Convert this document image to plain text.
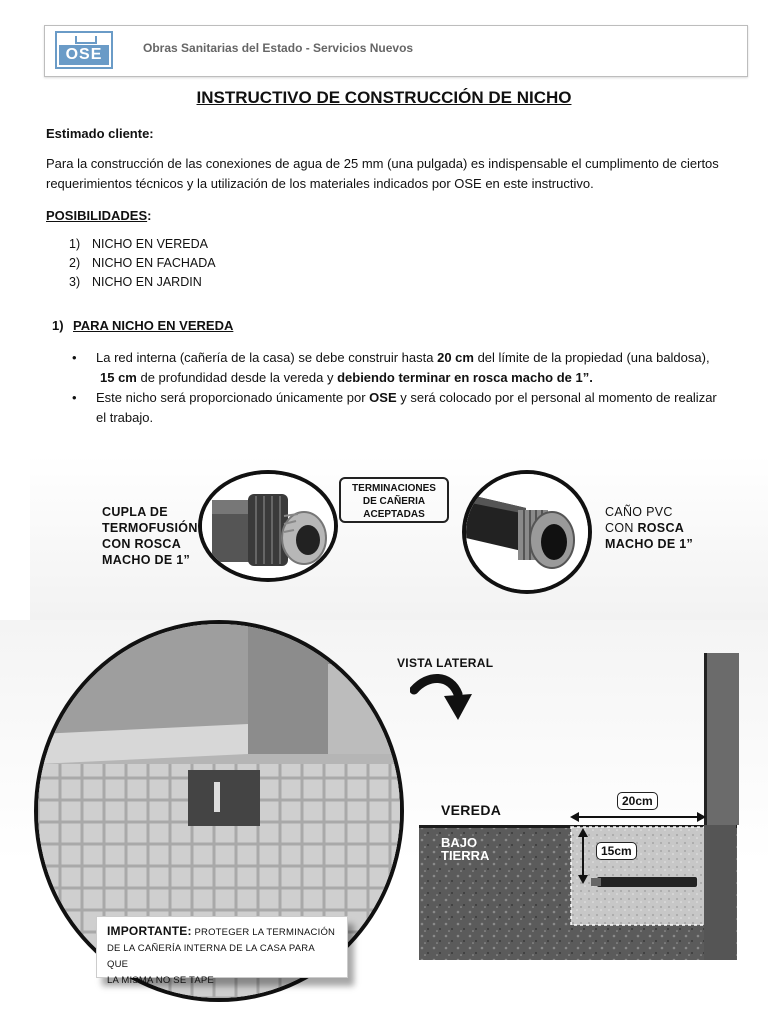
OSE	Obras Sanitarias del Estado - Servicios Nuevos
INSTRUCTIVO DE CONSTRUCCIÓN DE NICHO
Estimado cliente:
Para la construcción de las conexiones de agua de 25 mm (una pulgada) es indispensable el cumplimento de ciertos
requerimientos técnicos y la utilización de los materiales indicados por OSE en este instructivo.
POSIBILIDADES:
1) NICHO EN VEREDA
2) NICHO EN FACHADA
3) NICHO EN JARDIN
1) PARA NICHO EN VEREDA
•	La red interna (cañería de la casa) se debe construir hasta 20 cm del límite de la propiedad (una baldosa),
15 cm de profundidad desde la vereda y debiendo terminar en rosca macho de 1”.
•	Este nicho será proporcionado únicamente por OSE y será colocado por el personal al momento de realizar
el trabajo.
CUPLA DE
TERMOFUSIÓN
CON ROSCA
MACHO DE 1”
TERMINACIONES
DE CAÑERIA
ACEPTADAS	CAÑO PVC
CON ROSCA
MACHO DE 1”
IMPORTANTE: PROTEGER LA TERMINACIÓN
DE LA CAÑERÍA INTERNA DE LA CASA PARA QUE
LA MISMA NO SE TAPE
VISTA LATERAL
VEREDA
BAJO
TIERRA
20cm
15cm
